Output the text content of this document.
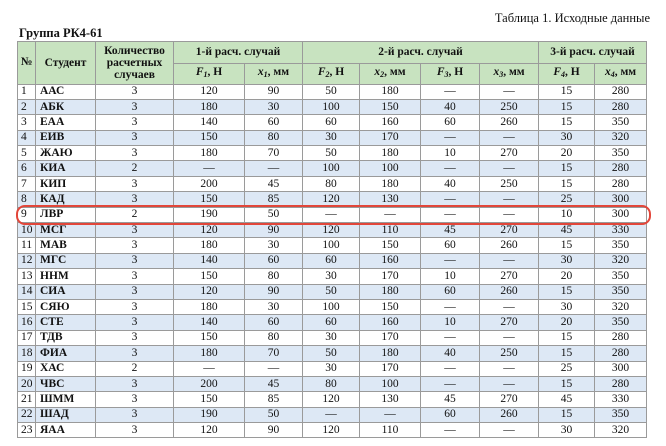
Таблица 1. Исходные данные
Группа РК4-61
№	Студент	Количество расчетных случаев	1-й расч. случай		2-й расч. случай				3-й расч. случай	
			$F_1$, Н	$x_1$, мм	$F_2$, Н	$x_2$, мм	$F_3$, Н	$x_3$, мм	$F_4$, Н	$x_4$, мм
1	ААС	3	120	90	50	180	—	—	15	280
2	АБК	3	180	30	100	150	40	250	15	280
3	ЕАА	3	140	60	60	160	60	260	15	350
4	ЕИВ	3	150	80	30	170	—	—	30	320
5	ЖАЮ	3	180	70	50	180	10	270	20	350
6	КИА	2	—	—	100	100	—	—	15	280
7	КИП	3	200	45	80	180	40	250	15	280
8	КАД	3	150	85	120	130	—	—	25	300
9	ЛВР	2	190	50	—	—	—	—	10	300
10	МСГ	3	120	90	120	110	45	270	45	330
11	МАВ	3	180	30	100	150	60	260	15	350
12	МГС	3	140	60	60	160	—	—	30	320
13	ННМ	3	150	80	30	170	10	270	20	350
14	СИА	3	120	90	50	180	60	260	15	350
15	СЯЮ	3	180	30	100	150	—	—	30	320
16	СТЕ	3	140	60	60	160	10	270	20	350
17	ТДВ	3	150	80	30	170	—	—	15	280
18	ФИА	3	180	70	50	180	40	250	15	280
19	ХАС	2	—	—	30	170	—	—	25	300
20	ЧВС	3	200	45	80	100	—	—	15	280
21	ШММ	3	150	85	120	130	45	270	45	330
22	ШАД	3	190	50	—	—	60	260	15	350
23	ЯАА	3	120	90	120	110	—	—	30	320
